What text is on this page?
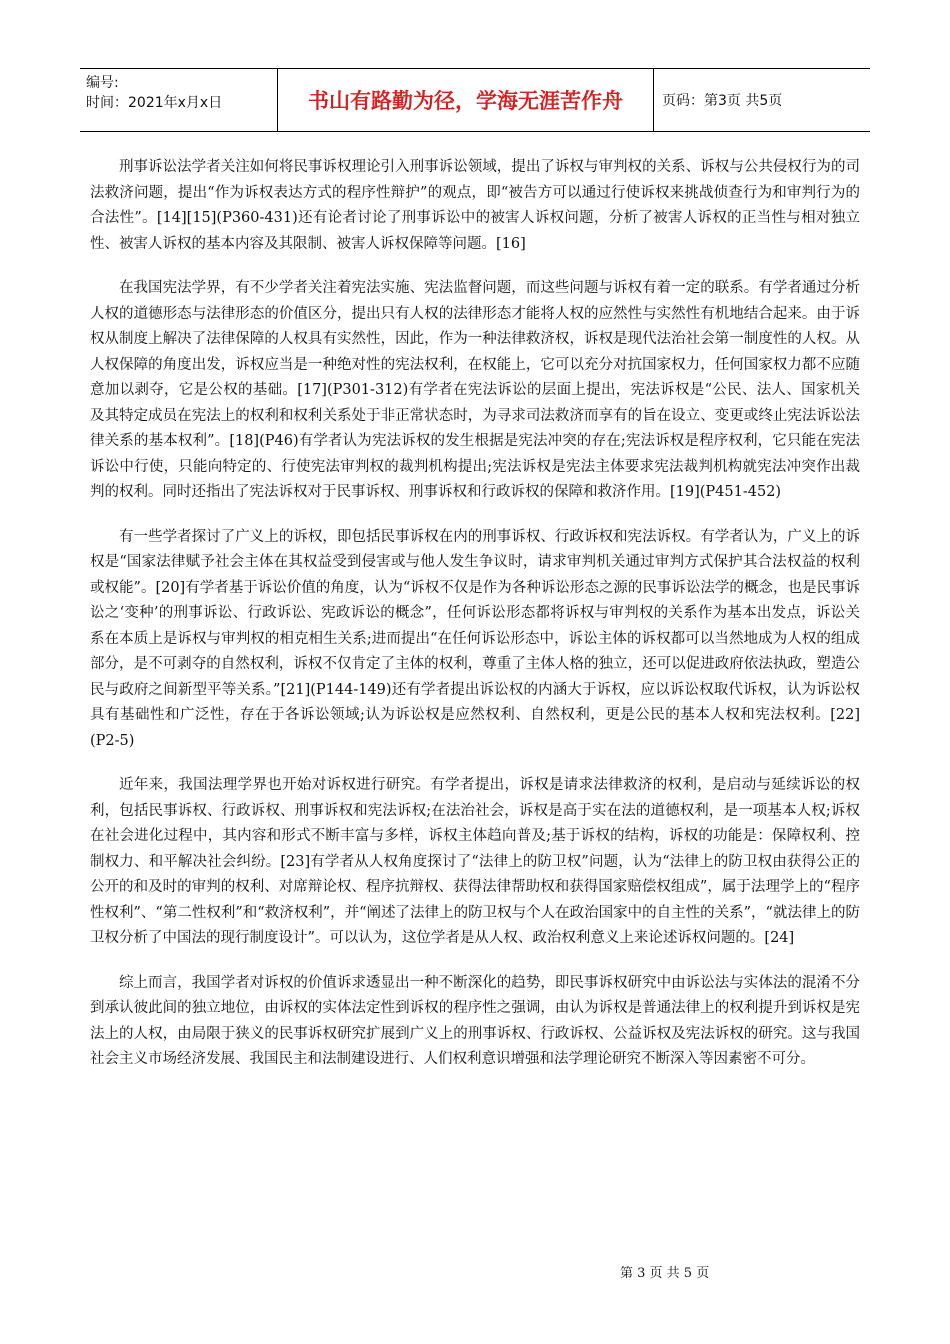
编号:
时间：2021年x月x日	书山有路勤为径，学海无涯苦作舟	页码：第3页 共5页

刑事诉讼法学者关注如何将民事诉权理论引入刑事诉讼领域，提出了诉权与审判权的关系、诉权与公共侵权行为的司法救济问题，提出“作为诉权表达方式的程序性辩护”的观点，即“被告方可以通过行使诉权来挑战侦查行为和审判行为的合法性”。[14][15](P360-431)还有论者讨论了刑事诉讼中的被害人诉权问题，分析了被害人诉权的正当性与相对独立性、被害人诉权的基本内容及其限制、被害人诉权保障等问题。[16]

在我国宪法学界，有不少学者关注着宪法实施、宪法监督问题，而这些问题与诉权有着一定的联系。有学者通过分析人权的道德形态与法律形态的价值区分，提出只有人权的法律形态才能将人权的应然性与实然性有机地结合起来。由于诉权从制度上解决了法律保障的人权具有实然性，因此，作为一种法律救济权，诉权是现代法治社会第一制度性的人权。从人权保障的角度出发，诉权应当是一种绝对性的宪法权利，在权能上，它可以充分对抗国家权力，任何国家权力都不应随意加以剥夺，它是公权的基础。[17](P301-312)有学者在宪法诉讼的层面上提出，宪法诉权是“公民、法人、国家机关及其特定成员在宪法上的权利和权利关系处于非正常状态时，为寻求司法救济而享有的旨在设立、变更或终止宪法诉讼法律关系的基本权利”。[18](P46)有学者认为宪法诉权的发生根据是宪法冲突的存在;宪法诉权是程序权利，它只能在宪法诉讼中行使，只能向特定的、行使宪法审判权的裁判机构提出;宪法诉权是宪法主体要求宪法裁判机构就宪法冲突作出裁判的权利。同时还指出了宪法诉权对于民事诉权、刑事诉权和行政诉权的保障和救济作用。[19](P451-452)

有一些学者探讨了广义上的诉权，即包括民事诉权在内的刑事诉权、行政诉权和宪法诉权。有学者认为，广义上的诉权是“国家法律赋予社会主体在其权益受到侵害或与他人发生争议时，请求审判机关通过审判方式保护其合法权益的权利或权能”。[20]有学者基于诉讼价值的角度，认为“诉权不仅是作为各种诉讼形态之源的民事诉讼法学的概念，也是民事诉讼之‘变种’的刑事诉讼、行政诉讼、宪政诉讼的概念”，任何诉讼形态都将诉权与审判权的关系作为基本出发点，诉讼关系在本质上是诉权与审判权的相克相生关系;进而提出“在任何诉讼形态中，诉讼主体的诉权都可以当然地成为人权的组成部分，是不可剥夺的自然权利，诉权不仅肯定了主体的权利，尊重了主体人格的独立，还可以促进政府依法执政，塑造公民与政府之间新型平等关系。”[21](P144-149)还有学者提出诉讼权的内涵大于诉权，应以诉讼权取代诉权，认为诉讼权具有基础性和广泛性，存在于各诉讼领域;认为诉讼权是应然权利、自然权利，更是公民的基本人权和宪法权利。[22](P2-5)

近年来，我国法理学界也开始对诉权进行研究。有学者提出，诉权是请求法律救济的权利，是启动与延续诉讼的权利，包括民事诉权、行政诉权、刑事诉权和宪法诉权;在法治社会，诉权是高于实在法的道德权利，是一项基本人权;诉权在社会进化过程中，其内容和形式不断丰富与多样，诉权主体趋向普及;基于诉权的结构，诉权的功能是：保障权利、控制权力、和平解决社会纠纷。[23]有学者从人权角度探讨了“法律上的防卫权”问题，认为“法律上的防卫权由获得公正的公开的和及时的审判的权利、对席辩论权、程序抗辩权、获得法律帮助权和获得国家赔偿权组成”，属于法理学上的“程序性权利”、“第二性权利”和“救济权利”，并“阐述了法律上的防卫权与个人在政治国家中的自主性的关系”，“就法律上的防卫权分析了中国法的现行制度设计”。可以认为，这位学者是从人权、政治权利意义上来论述诉权问题的。[24]

综上而言，我国学者对诉权的价值诉求透显出一种不断深化的趋势，即民事诉权研究中由诉讼法与实体法的混淆不分到承认彼此间的独立地位，由诉权的实体法定性到诉权的程序性之强调，由认为诉权是普通法律上的权利提升到诉权是宪法上的人权，由局限于狭义的民事诉权研究扩展到广义上的刑事诉权、行政诉权、公益诉权及宪法诉权的研究。这与我国社会主义市场经济发展、我国民主和法制建设进行、人们权利意识增强和法学理论研究不断深入等因素密不可分。

第 3 页 共 5 页
